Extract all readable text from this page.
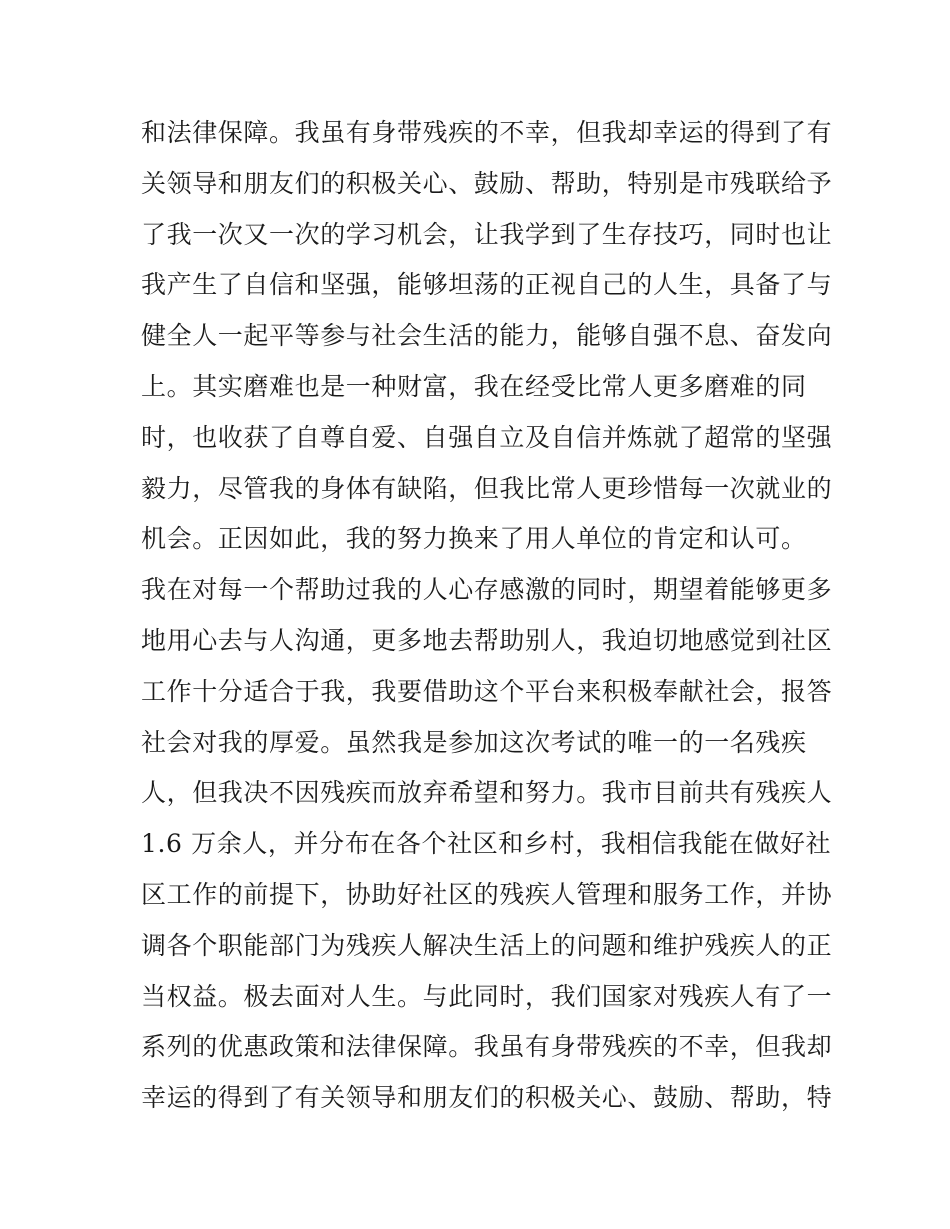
和法律保障。我虽有身带残疾的不幸，但我却幸运的得到了有
关领导和朋友们的积极关心、鼓励、帮助，特别是市残联给予
了我一次又一次的学习机会，让我学到了生存技巧，同时也让
我产生了自信和坚强，能够坦荡的正视自己的人生，具备了与
健全人一起平等参与社会生活的能力，能够自强不息、奋发向
上。其实磨难也是一种财富，我在经受比常人更多磨难的同
时，也收获了自尊自爱、自强自立及自信并炼就了超常的坚强
毅力，尽管我的身体有缺陷，但我比常人更珍惜每一次就业的
机会。正因如此，我的努力换来了用人单位的肯定和认可。
我在对每一个帮助过我的人心存感激的同时，期望着能够更多
地用心去与人沟通，更多地去帮助别人，我迫切地感觉到社区
工作十分适合于我，我要借助这个平台来积极奉献社会，报答
社会对我的厚爱。虽然我是参加这次考试的唯一的一名残疾
人，但我决不因残疾而放弃希望和努力。我市目前共有残疾人
1.6 万余人，并分布在各个社区和乡村，我相信我能在做好社
区工作的前提下，协助好社区的残疾人管理和服务工作，并协
调各个职能部门为残疾人解决生活上的问题和维护残疾人的正
当权益。极去面对人生。与此同时，我们国家对残疾人有了一
系列的优惠政策和法律保障。我虽有身带残疾的不幸，但我却
幸运的得到了有关领导和朋友们的积极关心、鼓励、帮助，特
